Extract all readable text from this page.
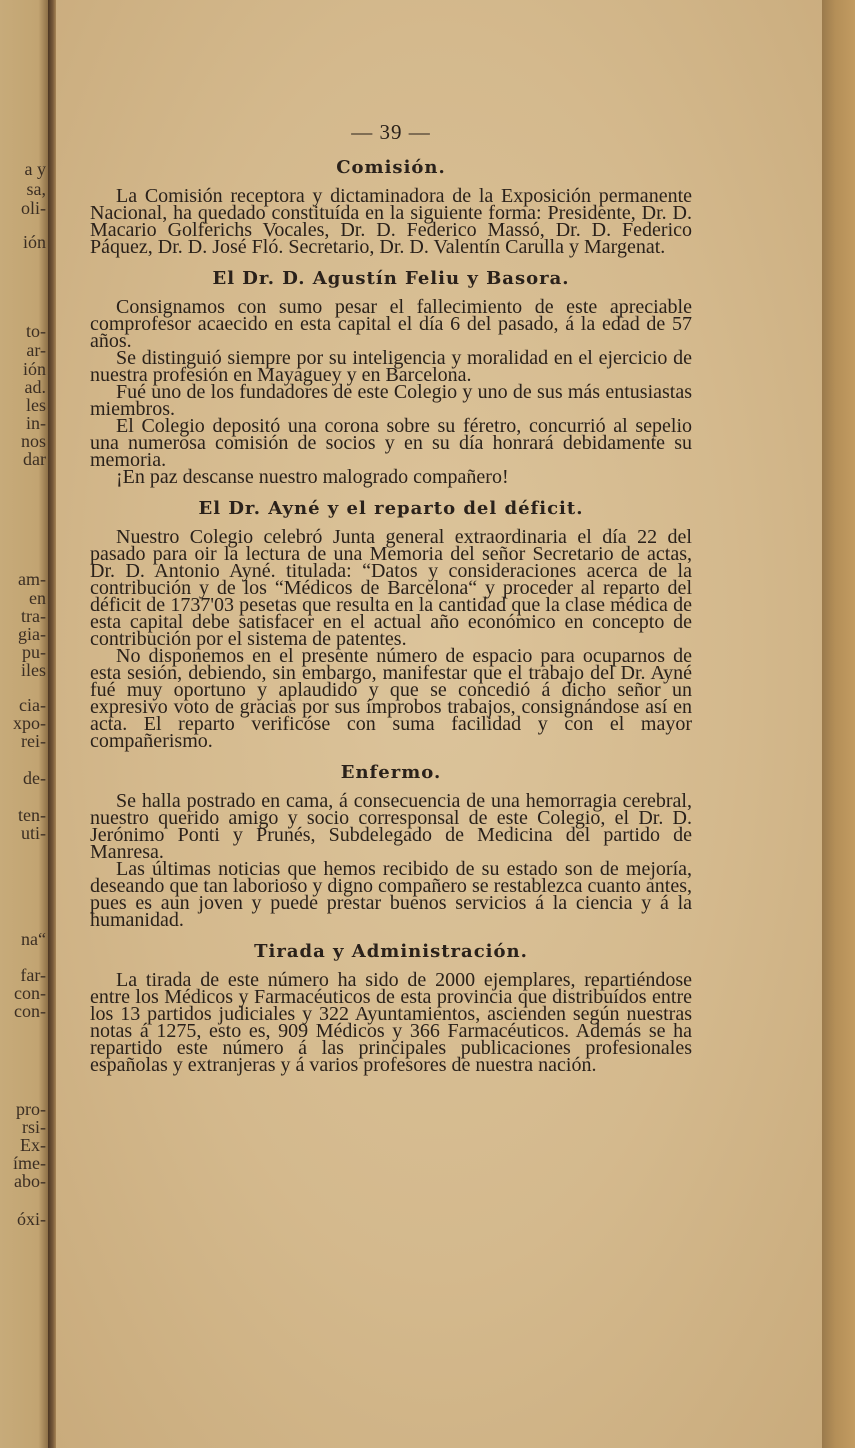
a y
sa,
oli-
ión
to-
ar-
ión
ad.
les
in-
nos
dar
am-
en
tra-
gia-
pu-
iles
cia-
xpo-
rei-
de-
ten-
uti-
na“
far-
con-
con-
pro-
rsi-
Ex-
íme-
abo-
óxi-
— 39 —
Comisión.

La Comisión receptora y dictaminadora de la Exposición permanente Nacional, ha quedado constituída en la siguiente forma: Presidente, Dr. D. Macario Golferichs Vocales, Dr. D. Federico Massó, Dr. D. Federico Páquez, Dr. D. José Fló. Secretario, Dr. D. Valentín Carulla y Margenat.

El Dr. D. Agustín Feliu y Basora.

Consignamos con sumo pesar el fallecimiento de este apreciable comprofesor acaecido en esta capital el día 6 del pasado, á la edad de 57 años.

Se distinguió siempre por su inteligencia y moralidad en el ejercicio de nuestra profesión en Mayaguey y en Barcelona.

Fué uno de los fundadores de este Colegio y uno de sus más entusiastas miembros.

El Colegio depositó una corona sobre su féretro, concurrió al sepelio una numerosa comisión de socios y en su día honrará debidamente su memoria.

¡En paz descanse nuestro malogrado compañero!

El Dr. Ayné y el reparto del déficit.

Nuestro Colegio celebró Junta general extraordinaria el día 22 del pasado para oir la lectura de una Memoria del señor Secretario de actas, Dr. D. Antonio Ayné. titulada: “Datos y consideraciones acerca de la contribución y de los “Médicos de Barcelona“ y proceder al reparto del déficit de 1737'03 pesetas que resulta en la cantidad que la clase médica de esta capital debe satisfacer en el actual año económico en concepto de contribución por el sistema de patentes.

No disponemos en el presente número de espacio para ocuparnos de esta sesión, debiendo, sin embargo, manifestar que el trabajo del Dr. Ayné fué muy oportuno y aplaudido y que se concedió á dicho señor un expresivo voto de gracias por sus ímprobos trabajos, consignándose así en acta. El reparto verificóse con suma facilidad y con el mayor compañerismo.

Enfermo.

Se halla postrado en cama, á consecuencia de una hemorragia cerebral, nuestro querido amigo y socio corresponsal de este Colegio, el Dr. D. Jerónimo Ponti y Prunés, Subdelegado de Medicina del partido de Manresa.

Las últimas noticias que hemos recibido de su estado son de mejoría, deseando que tan laborioso y digno compañero se restablezca cuanto antes, pues es aun joven y puede prestar buenos servicios á la ciencia y á la humanidad.

Tirada y Administración.

La tirada de este número ha sido de 2000 ejemplares, repartiéndose entre los Médicos y Farmacéuticos de esta provincia que distribuídos entre los 13 partidos judiciales y 322 Ayuntamientos, ascienden según nuestras notas á 1275, esto es, 909 Médicos y 366 Farmacéuticos. Además se ha repartido este número á las principales publicaciones profesionales españolas y extranjeras y á varios profesores de nuestra nación.
